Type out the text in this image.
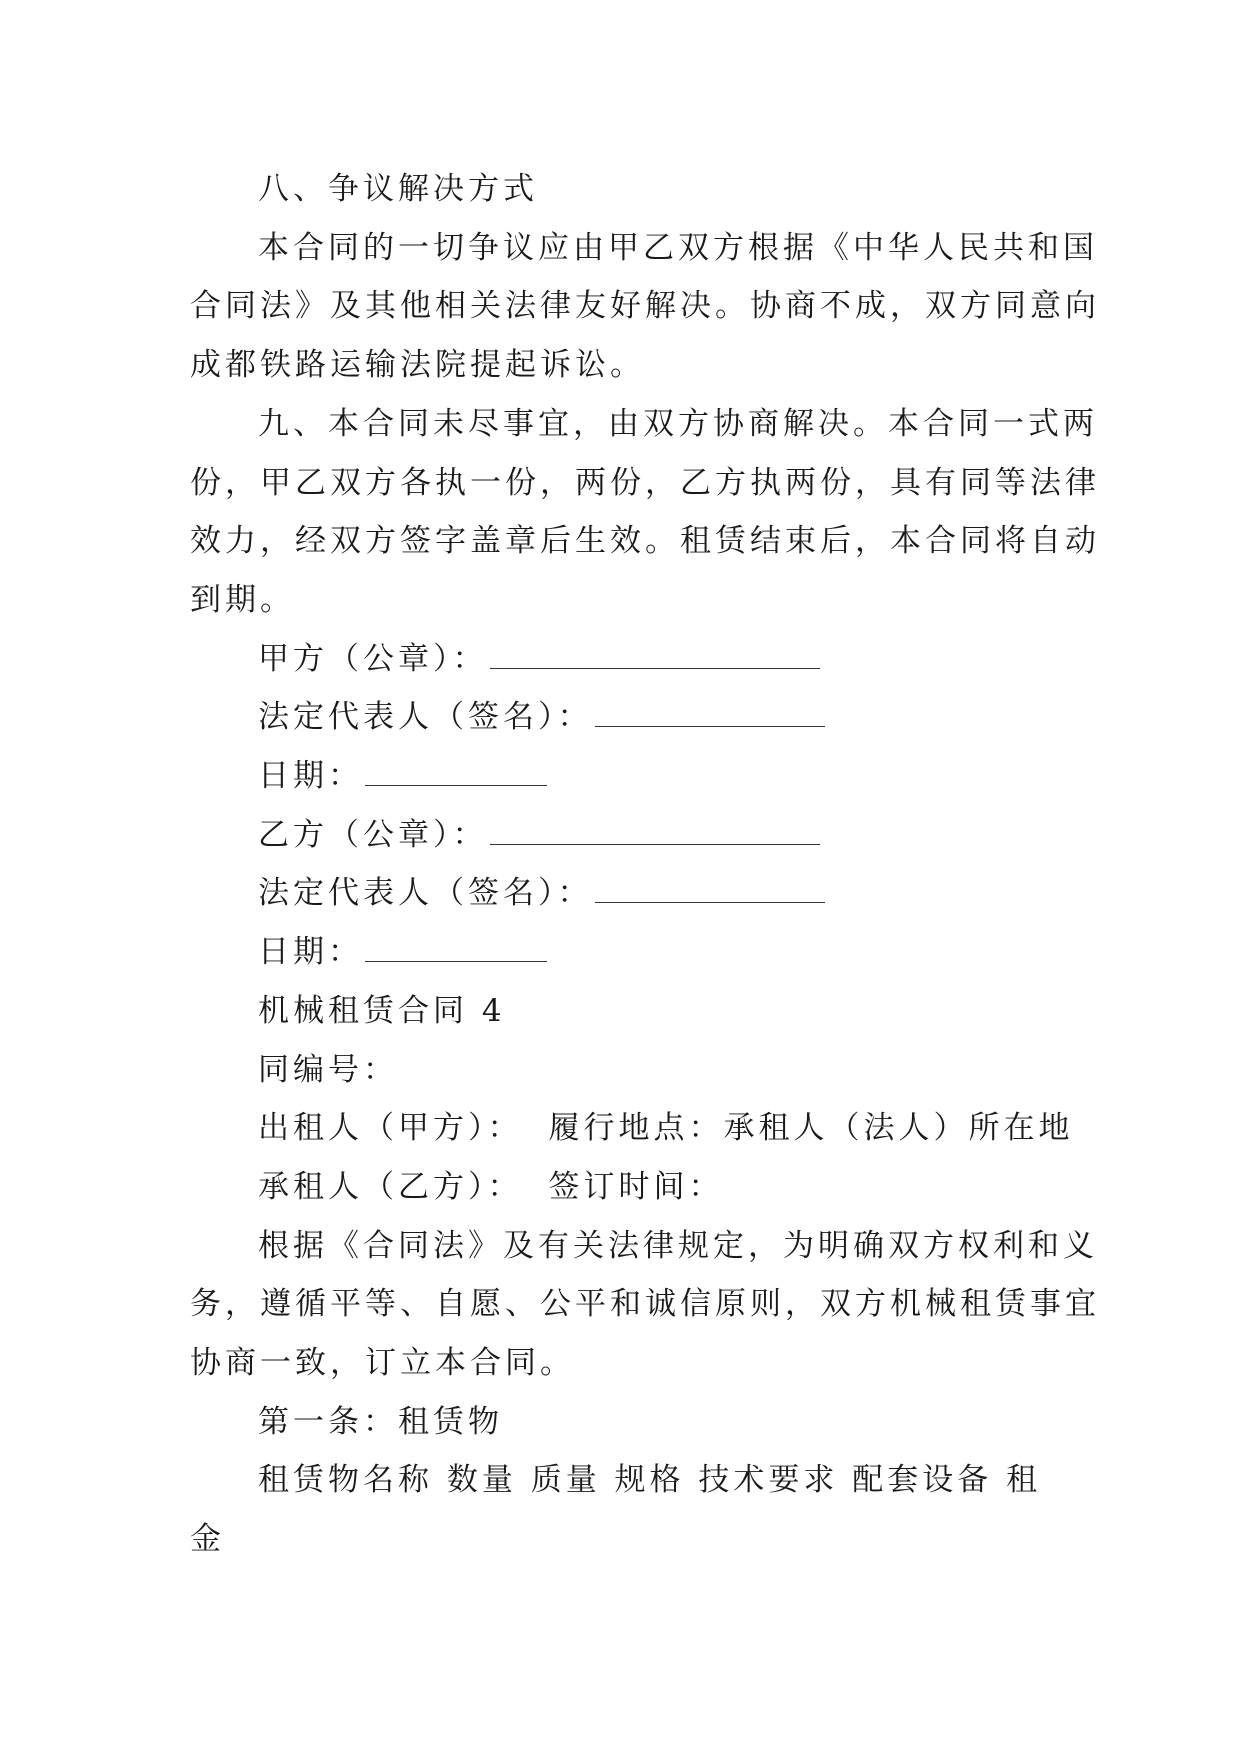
八、争议解决方式

本合同的一切争议应由甲乙双方根据《中华人民共和国

合同法》及其他相关法律友好解决。协商不成，双方同意向

成都铁路运输法院提起诉讼。

九、本合同未尽事宜，由双方协商解决。本合同一式两

份，甲乙双方各执一份，两份，乙方执两份，具有同等法律

效力，经双方签字盖章后生效。租赁结束后，本合同将自动

到期。

甲方（公章）：

法定代表人（签名）：

日期：

乙方（公章）：

法定代表人（签名）：

日期：

机械租赁合同 4

同编号：

出租人（甲方）： 履行地点：承租人（法人）所在地

承租人（乙方）： 签订时间：

根据《合同法》及有关法律规定，为明确双方权利和义

务，遵循平等、自愿、公平和诚信原则，双方机械租赁事宜

协商一致，订立本合同。

第一条：租赁物

租赁物名称 数量 质量 规格 技术要求 配套设备 租

金
